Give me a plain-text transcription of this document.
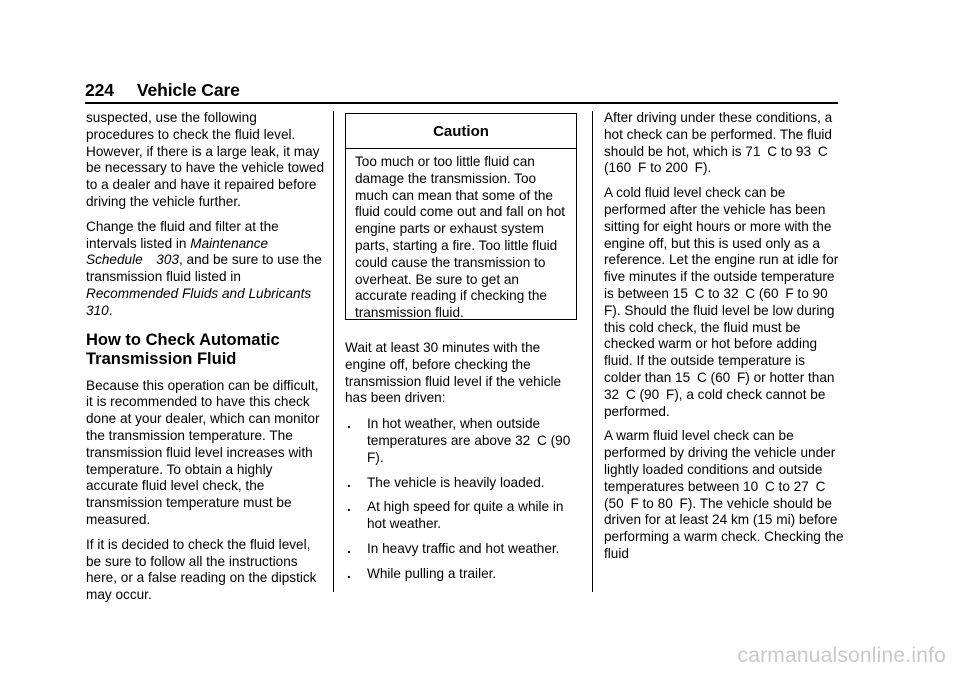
224 Vehicle Care

suspected, use the following procedures to check the fluid level. However, if there is a large leak, it may be necessary to have the vehicle towed to a dealer and have it repaired before driving the vehicle further.

Change the fluid and filter at the intervals listed in Maintenance Schedule 303, and be sure to use the transmission fluid listed in Recommended Fluids and Lubricants 310.

How to Check Automatic Transmission Fluid

Because this operation can be difficult, it is recommended to have this check done at your dealer, which can monitor the transmission temperature. The transmission fluid level increases with temperature. To obtain a highly accurate fluid level check, the transmission temperature must be measured.

If it is decided to check the fluid level, be sure to follow all the instructions here, or a false reading on the dipstick may occur.

Caution
Too much or too little fluid can damage the transmission. Too much can mean that some of the fluid could come out and fall on hot engine parts or exhaust system parts, starting a fire. Too little fluid could cause the transmission to overheat. Be sure to get an accurate reading if checking the transmission fluid.

Wait at least 30 minutes with the engine off, before checking the transmission fluid level if the vehicle has been driven:

. In hot weather, when outside temperatures are above 32 C (90 F).
. The vehicle is heavily loaded.
. At high speed for quite a while in hot weather.
. In heavy traffic and hot weather.
. While pulling a trailer.

After driving under these conditions, a hot check can be performed. The fluid should be hot, which is 71 C to 93 C (160 F to 200 F).

A cold fluid level check can be performed after the vehicle has been sitting for eight hours or more with the engine off, but this is used only as a reference. Let the engine run at idle for five minutes if the outside temperature is between 15 C to 32 C (60 F to 90 F). Should the fluid level be low during this cold check, the fluid must be checked warm or hot before adding fluid. If the outside temperature is colder than 15 C (60 F) or hotter than 32 C (90 F), a cold check cannot be performed.

A warm fluid level check can be performed by driving the vehicle under lightly loaded conditions and outside temperatures between 10 C to 27 C (50 F to 80 F). The vehicle should be driven for at least 24 km (15 mi) before performing a warm check. Checking the fluid

carmanualsonline.info
